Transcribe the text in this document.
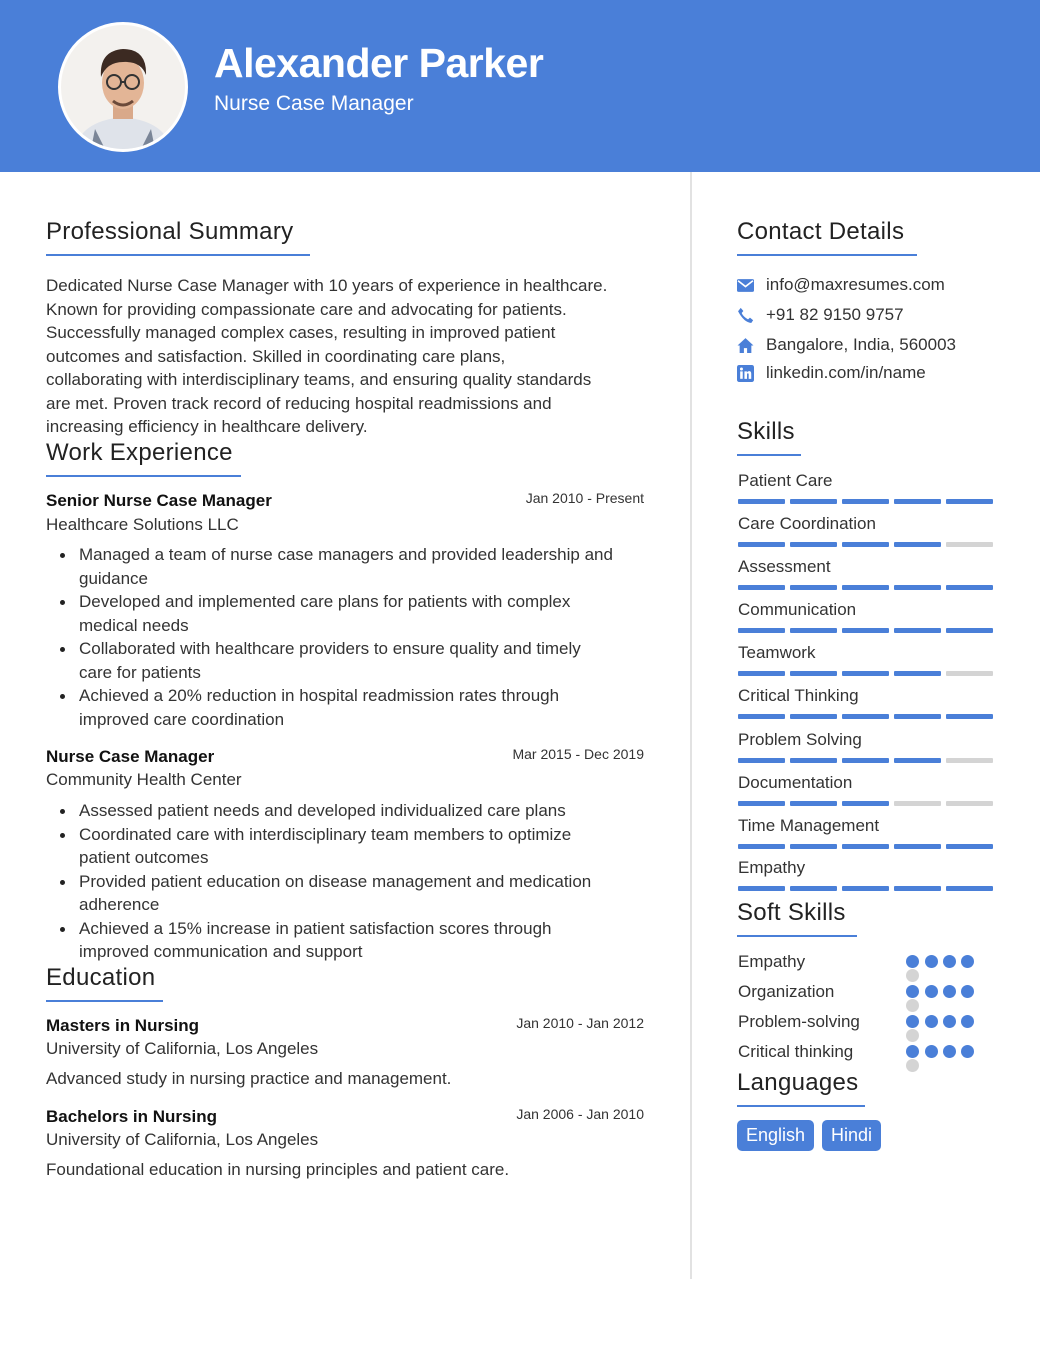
Alexander Parker
Nurse Case Manager
Professional Summary
Dedicated Nurse Case Manager with 10 years of experience in healthcare.
Known for providing compassionate care and advocating for patients.
Successfully managed complex cases, resulting in improved patient
outcomes and satisfaction. Skilled in coordinating care plans,
collaborating with interdisciplinary teams, and ensuring quality standards
are met. Proven track record of reducing hospital readmissions and
increasing efficiency in healthcare delivery.
Work Experience
Senior Nurse Case Manager	Jan 2010 - Present
Healthcare Solutions LLC
Managed a team of nurse case managers and provided leadership and
guidance
Developed and implemented care plans for patients with complex
medical needs
Collaborated with healthcare providers to ensure quality and timely
care for patients
Achieved a 20% reduction in hospital readmission rates through
improved care coordination
Nurse Case Manager	Mar 2015 - Dec 2019
Community Health Center
Assessed patient needs and developed individualized care plans
Coordinated care with interdisciplinary team members to optimize
patient outcomes
Provided patient education on disease management and medication
adherence
Achieved a 15% increase in patient satisfaction scores through
improved communication and support
Education
Masters in Nursing	Jan 2010 - Jan 2012
University of California, Los Angeles
Advanced study in nursing practice and management.
Bachelors in Nursing	Jan 2006 - Jan 2010
University of California, Los Angeles
Foundational education in nursing principles and patient care.
Contact Details
info@maxresumes.com
+91 82 9150 9757
Bangalore, India, 560003
linkedin.com/in/name
Skills
Patient Care
Care Coordination
Assessment
Communication
Teamwork
Critical Thinking
Problem Solving
Documentation
Time Management
Empathy
Soft Skills
Empathy
Organization
Problem-solving
Critical thinking
Languages
English	Hindi
